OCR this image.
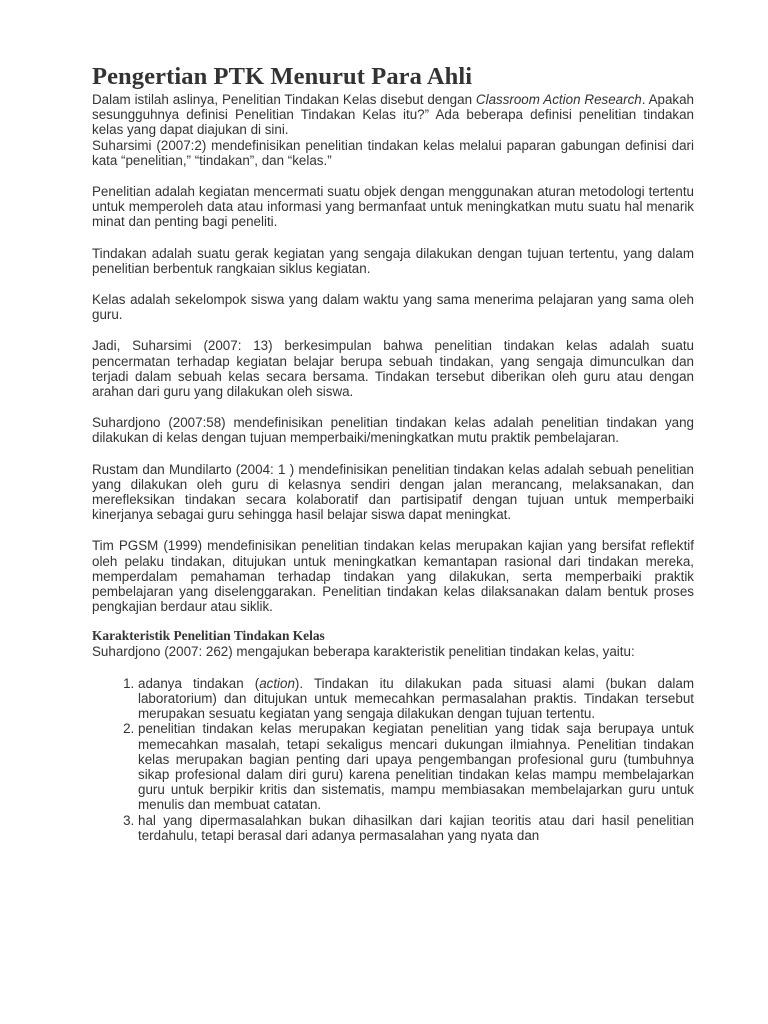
Pengertian PTK Menurut Para Ahli

Dalam istilah aslinya, Penelitian Tindakan Kelas disebut dengan Classroom Action Research. Apakah sesungguhnya definisi Penelitian Tindakan Kelas itu?” Ada beberapa definisi penelitian tindakan kelas yang dapat diajukan di sini.

Suharsimi (2007:2) mendefinisikan penelitian tindakan kelas melalui paparan gabungan definisi dari kata “penelitian,” “tindakan”, dan “kelas.”

Penelitian adalah kegiatan mencermati suatu objek dengan menggunakan aturan metodologi tertentu untuk memperoleh data atau informasi yang bermanfaat untuk meningkatkan mutu suatu hal menarik minat dan penting bagi peneliti.

Tindakan adalah suatu gerak kegiatan yang sengaja dilakukan dengan tujuan tertentu, yang dalam penelitian berbentuk rangkaian siklus kegiatan.

Kelas adalah sekelompok siswa yang dalam waktu yang sama menerima pelajaran yang sama oleh guru.

Jadi, Suharsimi (2007: 13) berkesimpulan bahwa penelitian tindakan kelas adalah suatu pencermatan terhadap kegiatan belajar berupa sebuah tindakan, yang sengaja dimunculkan dan terjadi dalam sebuah kelas secara bersama. Tindakan tersebut diberikan oleh guru atau dengan arahan dari guru yang dilakukan oleh siswa.

Suhardjono (2007:58) mendefinisikan penelitian tindakan kelas adalah penelitian tindakan yang dilakukan di kelas dengan tujuan memperbaiki/meningkatkan mutu praktik pembelajaran.

Rustam dan Mundilarto (2004: 1 ) mendefinisikan penelitian tindakan kelas adalah sebuah penelitian yang dilakukan oleh guru di kelasnya sendiri dengan jalan merancang, melaksanakan, dan merefleksikan tindakan secara kolaboratif dan partisipatif dengan tujuan untuk memperbaiki kinerjanya sebagai guru sehingga hasil belajar siswa dapat meningkat.

Tim PGSM (1999) mendefinisikan penelitian tindakan kelas merupakan kajian yang bersifat reflektif oleh pelaku tindakan, ditujukan untuk meningkatkan kemantapan rasional dari tindakan mereka, memperdalam pemahaman terhadap tindakan yang dilakukan, serta memperbaiki praktik pembelajaran yang diselenggarakan. Penelitian tindakan kelas dilaksanakan dalam bentuk proses pengkajian berdaur atau siklik.

Karakteristik Penelitian Tindakan Kelas

Suhardjono (2007: 262) mengajukan beberapa karakteristik penelitian tindakan kelas, yaitu:

1. adanya tindakan (action). Tindakan itu dilakukan pada situasi alami (bukan dalam laboratorium) dan ditujukan untuk memecahkan permasalahan praktis. Tindakan tersebut merupakan sesuatu kegiatan yang sengaja dilakukan dengan tujuan tertentu.
2. penelitian tindakan kelas merupakan kegiatan penelitian yang tidak saja berupaya untuk memecahkan masalah, tetapi sekaligus mencari dukungan ilmiahnya. Penelitian tindakan kelas merupakan bagian penting dari upaya pengembangan profesional guru (tumbuhnya sikap profesional dalam diri guru) karena penelitian tindakan kelas mampu membelajarkan guru untuk berpikir kritis dan sistematis, mampu membiasakan membelajarkan guru untuk menulis dan membuat catatan.
3. hal yang dipermasalahkan bukan dihasilkan dari kajian teoritis atau dari hasil penelitian terdahulu, tetapi berasal dari adanya permasalahan yang nyata dan
